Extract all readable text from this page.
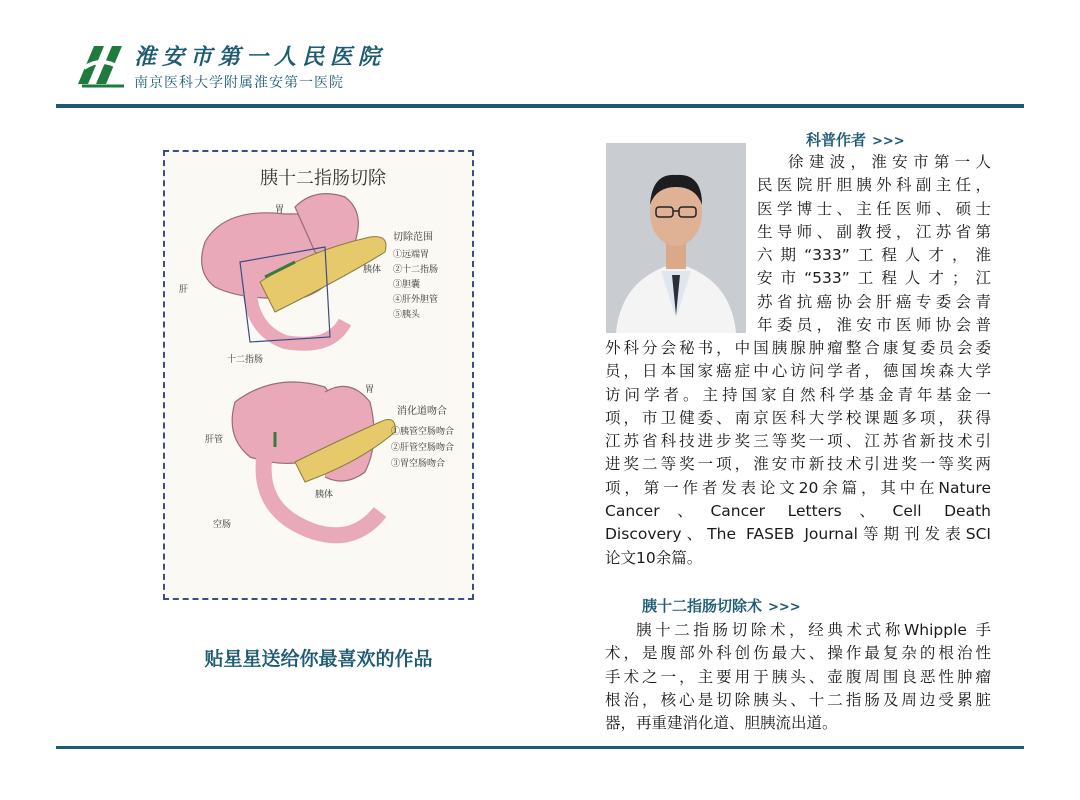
淮安市第一人民医院
南京医科大学附属淮安第一医院
胰十二指肠切除
胃
肝
胰体
十二指肠
切除范围
①远端胃
②十二指肠
③胆囊
④肝外胆管
⑤胰头
肝管
胃
胰体
空肠
消化道吻合
①胰管空肠吻合
②肝管空肠吻合
③胃空肠吻合
贴星星送给你最喜欢的作品
科普作者 >>>

徐建波，淮安市第一人

民医院肝胆胰外科副主任，

医学博士、主任医师、硕士

生导师、副教授，江苏省第

六期“333”工程人才，淮

安市“533”工程人才；江

苏省抗癌协会肝癌专委会青

年委员，淮安市医师协会普

外科分会秘书，中国胰腺肿瘤整合康复委员会委

员，日本国家癌症中心访问学者，德国埃森大学

访问学者。主持国家自然科学基金青年基金一

项，市卫健委、南京医科大学校课题多项，获得

江苏省科技进步奖三等奖一项、江苏省新技术引

进奖二等奖一项，淮安市新技术引进奖一等奖两

项，第一作者发表论文20余篇，其中在Nature

Cancer、Cancer Letters、Cell Death

Discovery、The FASEB Journal等期刊发表SCI

论文10余篇。

胰十二指肠切除术 >>>

胰十二指肠切除术，经典术式称Whipple 手

术，是腹部外科创伤最大、操作最复杂的根治性

手术之一，主要用于胰头、壶腹周围良恶性肿瘤

根治，核心是切除胰头、十二指肠及周边受累脏

器，再重建消化道、胆胰流出道。
